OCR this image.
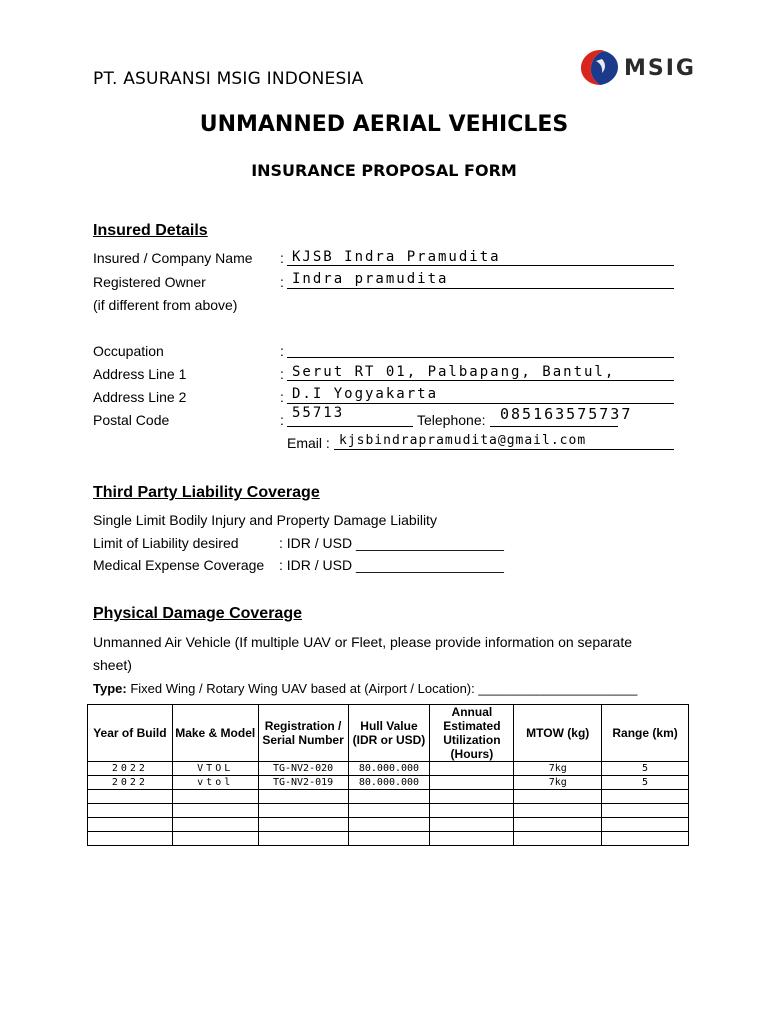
PT. ASURANSI MSIG INDONESIA	MSIG
UNMANNED AERIAL VEHICLES
INSURANCE PROPOSAL FORM
Insured Details
Insured / Company Name : KJSB Indra Pramudita
Registered Owner	: Indra pramudita
(if different from above)
Occupation	:
Address Line 1	: Serut RT 01, Palbapang, Bantul,
Address Line 2	: D.I Yogyakarta
Postal Code	: 55713	Telephone: 085163575737
Email : kjsbindrapramudita@gmail.com
Third Party Liability Coverage
Single Limit Bodily Injury and Property Damage Liability
Limit of Liability desired	: IDR / USD ___________________
Medical Expense Coverage : IDR / USD ___________________
Physical Damage Coverage
Unmanned Air Vehicle (If multiple UAV or Fleet, please provide information on separate
sheet)
Type: Fixed Wing / Rotary Wing UAV based at (Airport / Location): ______________________
Year of Build	Make & Model	Registration / Serial Number	Hull Value (IDR or USD)	Annual Estimated Utilization (Hours)	MTOW (kg)	Range (km)
2022	VTOL	TG-NV2-020	80.000.000		7kg	5
2022	vtol	TG-NV2-019	80.000.000		7kg	5
